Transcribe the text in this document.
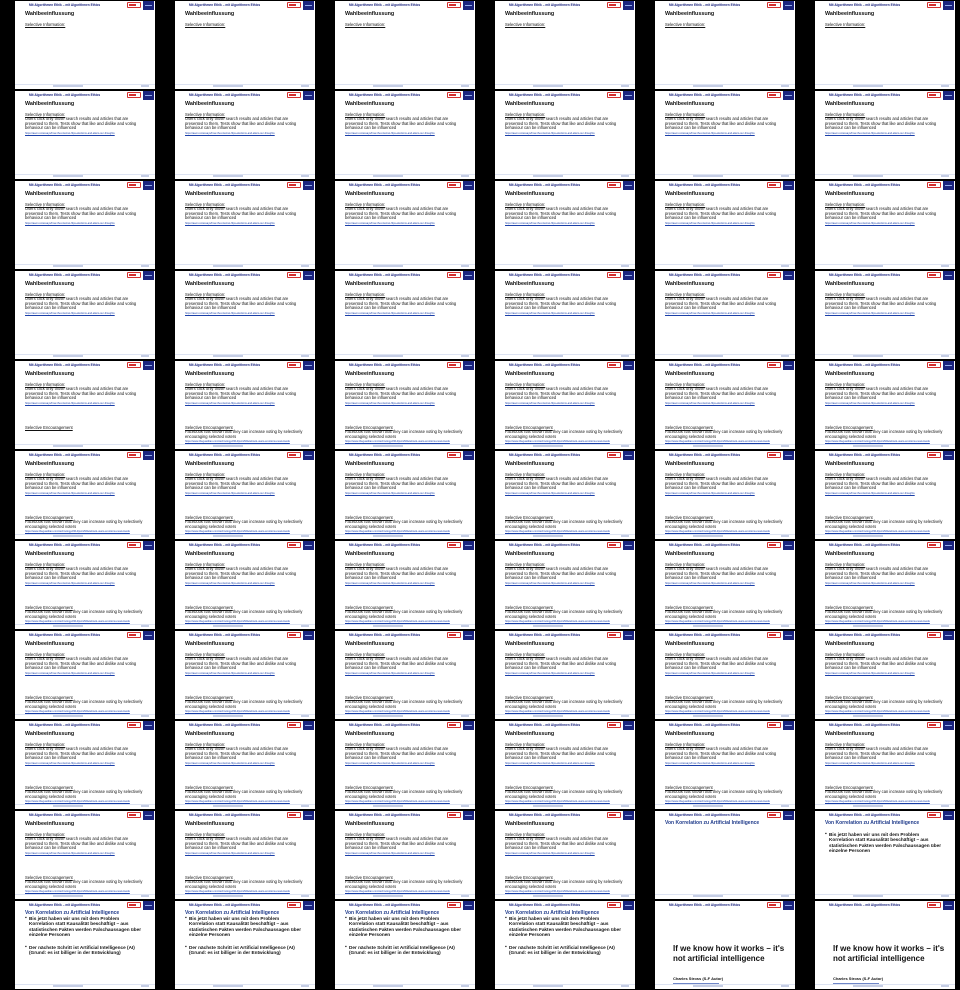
Mit Algorithmen Ethik – mit Algorithmen Ethics
Wahlbeeinflussung
Selective Information:
Mit Algorithmen Ethik – mit Algorithmen Ethics
Wahlbeeinflussung
Selective Information:
Mit Algorithmen Ethik – mit Algorithmen Ethics
Wahlbeeinflussung
Selective Information:
Mit Algorithmen Ethik – mit Algorithmen Ethics
Wahlbeeinflussung
Selective Information:
Mit Algorithmen Ethik – mit Algorithmen Ethics
Wahlbeeinflussung
Selective Information:
Mit Algorithmen Ethik – mit Algorithmen Ethics
Wahlbeeinflussung
Selective Information:
Mit Algorithmen Ethik – mit Algorithmen Ethics
Wahlbeeinflussung
Selective Information:
Users click only those search results and articles that are presented to them. Tests show that like and dislike and voting behaviour can be influenced
https://aeon.co/essays/how-the-internet-flips-elections-and-alters-our-thoughts
Mit Algorithmen Ethik – mit Algorithmen Ethics
Wahlbeeinflussung
Selective Information:
Users click only those search results and articles that are presented to them. Tests show that like and dislike and voting behaviour can be influenced
https://aeon.co/essays/how-the-internet-flips-elections-and-alters-our-thoughts
Mit Algorithmen Ethik – mit Algorithmen Ethics
Wahlbeeinflussung
Selective Information:
Users click only those search results and articles that are presented to them. Tests show that like and dislike and voting behaviour can be influenced
https://aeon.co/essays/how-the-internet-flips-elections-and-alters-our-thoughts
Mit Algorithmen Ethik – mit Algorithmen Ethics
Wahlbeeinflussung
Selective Information:
Users click only those search results and articles that are presented to them. Tests show that like and dislike and voting behaviour can be influenced
https://aeon.co/essays/how-the-internet-flips-elections-and-alters-our-thoughts
Mit Algorithmen Ethik – mit Algorithmen Ethics
Wahlbeeinflussung
Selective Information:
Users click only those search results and articles that are presented to them. Tests show that like and dislike and voting behaviour can be influenced
https://aeon.co/essays/how-the-internet-flips-elections-and-alters-our-thoughts
Mit Algorithmen Ethik – mit Algorithmen Ethics
Wahlbeeinflussung
Selective Information:
Users click only those search results and articles that are presented to them. Tests show that like and dislike and voting behaviour can be influenced
https://aeon.co/essays/how-the-internet-flips-elections-and-alters-our-thoughts
Mit Algorithmen Ethik – mit Algorithmen Ethics
Wahlbeeinflussung
Selective Information:
Users click only those search results and articles that are presented to them. Tests show that like and dislike and voting behaviour can be influenced
https://aeon.co/essays/how-the-internet-flips-elections-and-alters-our-thoughts
Mit Algorithmen Ethik – mit Algorithmen Ethics
Wahlbeeinflussung
Selective Information:
Users click only those search results and articles that are presented to them. Tests show that like and dislike and voting behaviour can be influenced
https://aeon.co/essays/how-the-internet-flips-elections-and-alters-our-thoughts
Mit Algorithmen Ethik – mit Algorithmen Ethics
Wahlbeeinflussung
Selective Information:
Users click only those search results and articles that are presented to them. Tests show that like and dislike and voting behaviour can be influenced
https://aeon.co/essays/how-the-internet-flips-elections-and-alters-our-thoughts
Mit Algorithmen Ethik – mit Algorithmen Ethics
Wahlbeeinflussung
Selective Information:
Users click only those search results and articles that are presented to them. Tests show that like and dislike and voting behaviour can be influenced
https://aeon.co/essays/how-the-internet-flips-elections-and-alters-our-thoughts
Mit Algorithmen Ethik – mit Algorithmen Ethics
Wahlbeeinflussung
Selective Information:
Users click only those search results and articles that are presented to them. Tests show that like and dislike and voting behaviour can be influenced
https://aeon.co/essays/how-the-internet-flips-elections-and-alters-our-thoughts
Mit Algorithmen Ethik – mit Algorithmen Ethics
Wahlbeeinflussung
Selective Information:
Users click only those search results and articles that are presented to them. Tests show that like and dislike and voting behaviour can be influenced
https://aeon.co/essays/how-the-internet-flips-elections-and-alters-our-thoughts
Mit Algorithmen Ethik – mit Algorithmen Ethics
Wahlbeeinflussung
Selective Information:
Users click only those search results and articles that are presented to them. Tests show that like and dislike and voting behaviour can be influenced
https://aeon.co/essays/how-the-internet-flips-elections-and-alters-our-thoughts
Mit Algorithmen Ethik – mit Algorithmen Ethics
Wahlbeeinflussung
Selective Information:
Users click only those search results and articles that are presented to them. Tests show that like and dislike and voting behaviour can be influenced
https://aeon.co/essays/how-the-internet-flips-elections-and-alters-our-thoughts
Mit Algorithmen Ethik – mit Algorithmen Ethics
Wahlbeeinflussung
Selective Information:
Users click only those search results and articles that are presented to them. Tests show that like and dislike and voting behaviour can be influenced
https://aeon.co/essays/how-the-internet-flips-elections-and-alters-our-thoughts
Mit Algorithmen Ethik – mit Algorithmen Ethics
Wahlbeeinflussung
Selective Information:
Users click only those search results and articles that are presented to them. Tests show that like and dislike and voting behaviour can be influenced
https://aeon.co/essays/how-the-internet-flips-elections-and-alters-our-thoughts
Mit Algorithmen Ethik – mit Algorithmen Ethics
Wahlbeeinflussung
Selective Information:
Users click only those search results and articles that are presented to them. Tests show that like and dislike and voting behaviour can be influenced
https://aeon.co/essays/how-the-internet-flips-elections-and-alters-our-thoughts
Mit Algorithmen Ethik – mit Algorithmen Ethics
Wahlbeeinflussung
Selective Information:
Users click only those search results and articles that are presented to them. Tests show that like and dislike and voting behaviour can be influenced
https://aeon.co/essays/how-the-internet-flips-elections-and-alters-our-thoughts
Mit Algorithmen Ethik – mit Algorithmen Ethics
Wahlbeeinflussung
Selective Information:
Users click only those search results and articles that are presented to them. Tests show that like and dislike and voting behaviour can be influenced
https://aeon.co/essays/how-the-internet-flips-elections-and-alters-our-thoughts
Selective Encouragement
Mit Algorithmen Ethik – mit Algorithmen Ethics
Wahlbeeinflussung
Selective Information:
Users click only those search results and articles that are presented to them. Tests show that like and dislike and voting behaviour can be influenced
https://aeon.co/essays/how-the-internet-flips-elections-and-alters-our-thoughts
Selective Encouragement
Facebook has shown that they can increase voting by selectively encouraging selected voters
https://www.theguardian.com/technology/2014/jun/29/facebook-users-emotions-news-feeds
Mit Algorithmen Ethik – mit Algorithmen Ethics
Wahlbeeinflussung
Selective Information:
Users click only those search results and articles that are presented to them. Tests show that like and dislike and voting behaviour can be influenced
https://aeon.co/essays/how-the-internet-flips-elections-and-alters-our-thoughts
Selective Encouragement
Facebook has shown that they can increase voting by selectively encouraging selected voters
https://www.theguardian.com/technology/2014/jun/29/facebook-users-emotions-news-feeds
Mit Algorithmen Ethik – mit Algorithmen Ethics
Wahlbeeinflussung
Selective Information:
Users click only those search results and articles that are presented to them. Tests show that like and dislike and voting behaviour can be influenced
https://aeon.co/essays/how-the-internet-flips-elections-and-alters-our-thoughts
Selective Encouragement
Facebook has shown that they can increase voting by selectively encouraging selected voters
https://www.theguardian.com/technology/2014/jun/29/facebook-users-emotions-news-feeds
Mit Algorithmen Ethik – mit Algorithmen Ethics
Wahlbeeinflussung
Selective Information:
Users click only those search results and articles that are presented to them. Tests show that like and dislike and voting behaviour can be influenced
https://aeon.co/essays/how-the-internet-flips-elections-and-alters-our-thoughts
Selective Encouragement
Facebook has shown that they can increase voting by selectively encouraging selected voters
https://www.theguardian.com/technology/2014/jun/29/facebook-users-emotions-news-feeds
Mit Algorithmen Ethik – mit Algorithmen Ethics
Wahlbeeinflussung
Selective Information:
Users click only those search results and articles that are presented to them. Tests show that like and dislike and voting behaviour can be influenced
https://aeon.co/essays/how-the-internet-flips-elections-and-alters-our-thoughts
Selective Encouragement
Facebook has shown that they can increase voting by selectively encouraging selected voters
https://www.theguardian.com/technology/2014/jun/29/facebook-users-emotions-news-feeds
Mit Algorithmen Ethik – mit Algorithmen Ethics
Wahlbeeinflussung
Selective Information:
Users click only those search results and articles that are presented to them. Tests show that like and dislike and voting behaviour can be influenced
https://aeon.co/essays/how-the-internet-flips-elections-and-alters-our-thoughts
Selective Encouragement
Facebook has shown that they can increase voting by selectively encouraging selected voters
https://www.theguardian.com/technology/2014/jun/29/facebook-users-emotions-news-feeds
Mit Algorithmen Ethik – mit Algorithmen Ethics
Wahlbeeinflussung
Selective Information:
Users click only those search results and articles that are presented to them. Tests show that like and dislike and voting behaviour can be influenced
https://aeon.co/essays/how-the-internet-flips-elections-and-alters-our-thoughts
Selective Encouragement
Facebook has shown that they can increase voting by selectively encouraging selected voters
https://www.theguardian.com/technology/2014/jun/29/facebook-users-emotions-news-feeds
Mit Algorithmen Ethik – mit Algorithmen Ethics
Wahlbeeinflussung
Selective Information:
Users click only those search results and articles that are presented to them. Tests show that like and dislike and voting behaviour can be influenced
https://aeon.co/essays/how-the-internet-flips-elections-and-alters-our-thoughts
Selective Encouragement
Facebook has shown that they can increase voting by selectively encouraging selected voters
https://www.theguardian.com/technology/2014/jun/29/facebook-users-emotions-news-feeds
Mit Algorithmen Ethik – mit Algorithmen Ethics
Wahlbeeinflussung
Selective Information:
Users click only those search results and articles that are presented to them. Tests show that like and dislike and voting behaviour can be influenced
https://aeon.co/essays/how-the-internet-flips-elections-and-alters-our-thoughts
Selective Encouragement
Facebook has shown that they can increase voting by selectively encouraging selected voters
https://www.theguardian.com/technology/2014/jun/29/facebook-users-emotions-news-feeds
Mit Algorithmen Ethik – mit Algorithmen Ethics
Wahlbeeinflussung
Selective Information:
Users click only those search results and articles that are presented to them. Tests show that like and dislike and voting behaviour can be influenced
https://aeon.co/essays/how-the-internet-flips-elections-and-alters-our-thoughts
Selective Encouragement
Facebook has shown that they can increase voting by selectively encouraging selected voters
https://www.theguardian.com/technology/2014/jun/29/facebook-users-emotions-news-feeds
Mit Algorithmen Ethik – mit Algorithmen Ethics
Wahlbeeinflussung
Selective Information:
Users click only those search results and articles that are presented to them. Tests show that like and dislike and voting behaviour can be influenced
https://aeon.co/essays/how-the-internet-flips-elections-and-alters-our-thoughts
Selective Encouragement
Facebook has shown that they can increase voting by selectively encouraging selected voters
https://www.theguardian.com/technology/2014/jun/29/facebook-users-emotions-news-feeds
Mit Algorithmen Ethik – mit Algorithmen Ethics
Wahlbeeinflussung
Selective Information:
Users click only those search results and articles that are presented to them. Tests show that like and dislike and voting behaviour can be influenced
https://aeon.co/essays/how-the-internet-flips-elections-and-alters-our-thoughts
Selective Encouragement
Facebook has shown that they can increase voting by selectively encouraging selected voters
https://www.theguardian.com/technology/2014/jun/29/facebook-users-emotions-news-feeds
Mit Algorithmen Ethik – mit Algorithmen Ethics
Wahlbeeinflussung
Selective Information:
Users click only those search results and articles that are presented to them. Tests show that like and dislike and voting behaviour can be influenced
https://aeon.co/essays/how-the-internet-flips-elections-and-alters-our-thoughts
Selective Encouragement
Facebook has shown that they can increase voting by selectively encouraging selected voters
https://www.theguardian.com/technology/2014/jun/29/facebook-users-emotions-news-feeds
Mit Algorithmen Ethik – mit Algorithmen Ethics
Wahlbeeinflussung
Selective Information:
Users click only those search results and articles that are presented to them. Tests show that like and dislike and voting behaviour can be influenced
https://aeon.co/essays/how-the-internet-flips-elections-and-alters-our-thoughts
Selective Encouragement
Facebook has shown that they can increase voting by selectively encouraging selected voters
https://www.theguardian.com/technology/2014/jun/29/facebook-users-emotions-news-feeds
Mit Algorithmen Ethik – mit Algorithmen Ethics
Wahlbeeinflussung
Selective Information:
Users click only those search results and articles that are presented to them. Tests show that like and dislike and voting behaviour can be influenced
https://aeon.co/essays/how-the-internet-flips-elections-and-alters-our-thoughts
Selective Encouragement
Facebook has shown that they can increase voting by selectively encouraging selected voters
https://www.theguardian.com/technology/2014/jun/29/facebook-users-emotions-news-feeds
Mit Algorithmen Ethik – mit Algorithmen Ethics
Wahlbeeinflussung
Selective Information:
Users click only those search results and articles that are presented to them. Tests show that like and dislike and voting behaviour can be influenced
https://aeon.co/essays/how-the-internet-flips-elections-and-alters-our-thoughts
Selective Encouragement
Facebook has shown that they can increase voting by selectively encouraging selected voters
https://www.theguardian.com/technology/2014/jun/29/facebook-users-emotions-news-feeds
Mit Algorithmen Ethik – mit Algorithmen Ethics
Wahlbeeinflussung
Selective Information:
Users click only those search results and articles that are presented to them. Tests show that like and dislike and voting behaviour can be influenced
https://aeon.co/essays/how-the-internet-flips-elections-and-alters-our-thoughts
Selective Encouragement
Facebook has shown that they can increase voting by selectively encouraging selected voters
https://www.theguardian.com/technology/2014/jun/29/facebook-users-emotions-news-feeds
Mit Algorithmen Ethik – mit Algorithmen Ethics
Wahlbeeinflussung
Selective Information:
Users click only those search results and articles that are presented to them. Tests show that like and dislike and voting behaviour can be influenced
https://aeon.co/essays/how-the-internet-flips-elections-and-alters-our-thoughts
Selective Encouragement
Facebook has shown that they can increase voting by selectively encouraging selected voters
https://www.theguardian.com/technology/2014/jun/29/facebook-users-emotions-news-feeds
Mit Algorithmen Ethik – mit Algorithmen Ethics
Wahlbeeinflussung
Selective Information:
Users click only those search results and articles that are presented to them. Tests show that like and dislike and voting behaviour can be influenced
https://aeon.co/essays/how-the-internet-flips-elections-and-alters-our-thoughts
Selective Encouragement
Facebook has shown that they can increase voting by selectively encouraging selected voters
https://www.theguardian.com/technology/2014/jun/29/facebook-users-emotions-news-feeds
Mit Algorithmen Ethik – mit Algorithmen Ethics
Wahlbeeinflussung
Selective Information:
Users click only those search results and articles that are presented to them. Tests show that like and dislike and voting behaviour can be influenced
https://aeon.co/essays/how-the-internet-flips-elections-and-alters-our-thoughts
Selective Encouragement
Facebook has shown that they can increase voting by selectively encouraging selected voters
https://www.theguardian.com/technology/2014/jun/29/facebook-users-emotions-news-feeds
Mit Algorithmen Ethik – mit Algorithmen Ethics
Wahlbeeinflussung
Selective Information:
Users click only those search results and articles that are presented to them. Tests show that like and dislike and voting behaviour can be influenced
https://aeon.co/essays/how-the-internet-flips-elections-and-alters-our-thoughts
Selective Encouragement
Facebook has shown that they can increase voting by selectively encouraging selected voters
https://www.theguardian.com/technology/2014/jun/29/facebook-users-emotions-news-feeds
Mit Algorithmen Ethik – mit Algorithmen Ethics
Wahlbeeinflussung
Selective Information:
Users click only those search results and articles that are presented to them. Tests show that like and dislike and voting behaviour can be influenced
https://aeon.co/essays/how-the-internet-flips-elections-and-alters-our-thoughts
Selective Encouragement
Facebook has shown that they can increase voting by selectively encouraging selected voters
https://www.theguardian.com/technology/2014/jun/29/facebook-users-emotions-news-feeds
Mit Algorithmen Ethik – mit Algorithmen Ethics
Wahlbeeinflussung
Selective Information:
Users click only those search results and articles that are presented to them. Tests show that like and dislike and voting behaviour can be influenced
https://aeon.co/essays/how-the-internet-flips-elections-and-alters-our-thoughts
Selective Encouragement
Facebook has shown that they can increase voting by selectively encouraging selected voters
https://www.theguardian.com/technology/2014/jun/29/facebook-users-emotions-news-feeds
Mit Algorithmen Ethik – mit Algorithmen Ethics
Wahlbeeinflussung
Selective Information:
Users click only those search results and articles that are presented to them. Tests show that like and dislike and voting behaviour can be influenced
https://aeon.co/essays/how-the-internet-flips-elections-and-alters-our-thoughts
Selective Encouragement
Facebook has shown that they can increase voting by selectively encouraging selected voters
https://www.theguardian.com/technology/2014/jun/29/facebook-users-emotions-news-feeds
Mit Algorithmen Ethik – mit Algorithmen Ethics
Wahlbeeinflussung
Selective Information:
Users click only those search results and articles that are presented to them. Tests show that like and dislike and voting behaviour can be influenced
https://aeon.co/essays/how-the-internet-flips-elections-and-alters-our-thoughts
Selective Encouragement
Facebook has shown that they can increase voting by selectively encouraging selected voters
https://www.theguardian.com/technology/2014/jun/29/facebook-users-emotions-news-feeds
Mit Algorithmen Ethik – mit Algorithmen Ethics
Wahlbeeinflussung
Selective Information:
Users click only those search results and articles that are presented to them. Tests show that like and dislike and voting behaviour can be influenced
https://aeon.co/essays/how-the-internet-flips-elections-and-alters-our-thoughts
Selective Encouragement
Facebook has shown that they can increase voting by selectively encouraging selected voters
https://www.theguardian.com/technology/2014/jun/29/facebook-users-emotions-news-feeds
Mit Algorithmen Ethik – mit Algorithmen Ethics
Wahlbeeinflussung
Selective Information:
Users click only those search results and articles that are presented to them. Tests show that like and dislike and voting behaviour can be influenced
https://aeon.co/essays/how-the-internet-flips-elections-and-alters-our-thoughts
Selective Encouragement
Facebook has shown that they can increase voting by selectively encouraging selected voters
https://www.theguardian.com/technology/2014/jun/29/facebook-users-emotions-news-feeds
Mit Algorithmen Ethik – mit Algorithmen Ethics
Wahlbeeinflussung
Selective Information:
Users click only those search results and articles that are presented to them. Tests show that like and dislike and voting behaviour can be influenced
https://aeon.co/essays/how-the-internet-flips-elections-and-alters-our-thoughts
Selective Encouragement
Facebook has shown that they can increase voting by selectively encouraging selected voters
https://www.theguardian.com/technology/2014/jun/29/facebook-users-emotions-news-feeds
Mit Algorithmen Ethik – mit Algorithmen Ethics
Wahlbeeinflussung
Selective Information:
Users click only those search results and articles that are presented to them. Tests show that like and dislike and voting behaviour can be influenced
https://aeon.co/essays/how-the-internet-flips-elections-and-alters-our-thoughts
Selective Encouragement
Facebook has shown that they can increase voting by selectively encouraging selected voters
https://www.theguardian.com/technology/2014/jun/29/facebook-users-emotions-news-feeds
Mit Algorithmen Ethik – mit Algorithmen Ethics
Wahlbeeinflussung
Selective Information:
Users click only those search results and articles that are presented to them. Tests show that like and dislike and voting behaviour can be influenced
https://aeon.co/essays/how-the-internet-flips-elections-and-alters-our-thoughts
Selective Encouragement
Facebook has shown that they can increase voting by selectively encouraging selected voters
https://www.theguardian.com/technology/2014/jun/29/facebook-users-emotions-news-feeds
Mit Algorithmen Ethik – mit Algorithmen Ethics
Wahlbeeinflussung
Selective Information:
Users click only those search results and articles that are presented to them. Tests show that like and dislike and voting behaviour can be influenced
https://aeon.co/essays/how-the-internet-flips-elections-and-alters-our-thoughts
Selective Encouragement
Facebook has shown that they can increase voting by selectively encouraging selected voters
https://www.theguardian.com/technology/2014/jun/29/facebook-users-emotions-news-feeds
Mit Algorithmen Ethik – mit Algorithmen Ethics
Wahlbeeinflussung
Selective Information:
Users click only those search results and articles that are presented to them. Tests show that like and dislike and voting behaviour can be influenced
https://aeon.co/essays/how-the-internet-flips-elections-and-alters-our-thoughts
Selective Encouragement
Facebook has shown that they can increase voting by selectively encouraging selected voters
https://www.theguardian.com/technology/2014/jun/29/facebook-users-emotions-news-feeds
Mit Algorithmen Ethik – mit Algorithmen Ethics
Wahlbeeinflussung
Selective Information:
Users click only those search results and articles that are presented to them. Tests show that like and dislike and voting behaviour can be influenced
https://aeon.co/essays/how-the-internet-flips-elections-and-alters-our-thoughts
Selective Encouragement
Facebook has shown that they can increase voting by selectively encouraging selected voters
https://www.theguardian.com/technology/2014/jun/29/facebook-users-emotions-news-feeds
Mit Algorithmen Ethik – mit Algorithmen Ethics
Von Korrelation zu Artificial Intelligence
Mit Algorithmen Ethik – mit Algorithmen Ethics
Von Korrelation zu Artificial Intelligence
▪ Bis jetzt haben wir uns mit dem Problem Korrelation statt Kausalität beschäftigt – aus statistischen Fakten werden Falschaussagen über einzelne Personen
Mit Algorithmen Ethik – mit Algorithmen Ethics
Von Korrelation zu Artificial Intelligence
▪ Bis jetzt haben wir uns mit dem Problem Korrelation statt Kausalität beschäftigt – aus statistischen Fakten werden Falschaussagen über einzelne Personen
▪ Der nächste Schritt ist Artificial Intelligence (AI) (Grund: es ist billiger in der Entwicklung)
Mit Algorithmen Ethik – mit Algorithmen Ethics
Von Korrelation zu Artificial Intelligence
▪ Bis jetzt haben wir uns mit dem Problem Korrelation statt Kausalität beschäftigt – aus statistischen Fakten werden Falschaussagen über einzelne Personen
▪ Der nächste Schritt ist Artificial Intelligence (AI) (Grund: es ist billiger in der Entwicklung)
Mit Algorithmen Ethik – mit Algorithmen Ethics
Von Korrelation zu Artificial Intelligence
▪ Bis jetzt haben wir uns mit dem Problem Korrelation statt Kausalität beschäftigt – aus statistischen Fakten werden Falschaussagen über einzelne Personen
▪ Der nächste Schritt ist Artificial Intelligence (AI) (Grund: es ist billiger in der Entwicklung)
Mit Algorithmen Ethik – mit Algorithmen Ethics
Von Korrelation zu Artificial Intelligence
▪ Bis jetzt haben wir uns mit dem Problem Korrelation statt Kausalität beschäftigt – aus statistischen Fakten werden Falschaussagen über einzelne Personen
▪ Der nächste Schritt ist Artificial Intelligence (AI) (Grund: es ist billiger in der Entwicklung)
Mit Algorithmen Ethik – mit Algorithmen Ethics
If we know how it works – it's not artificial intelligence
Charles Stross (S-F Autor)
Mit Algorithmen Ethik – mit Algorithmen Ethics
If we know how it works – it's not artificial intelligence
Charles Stross (S-F Autor)
